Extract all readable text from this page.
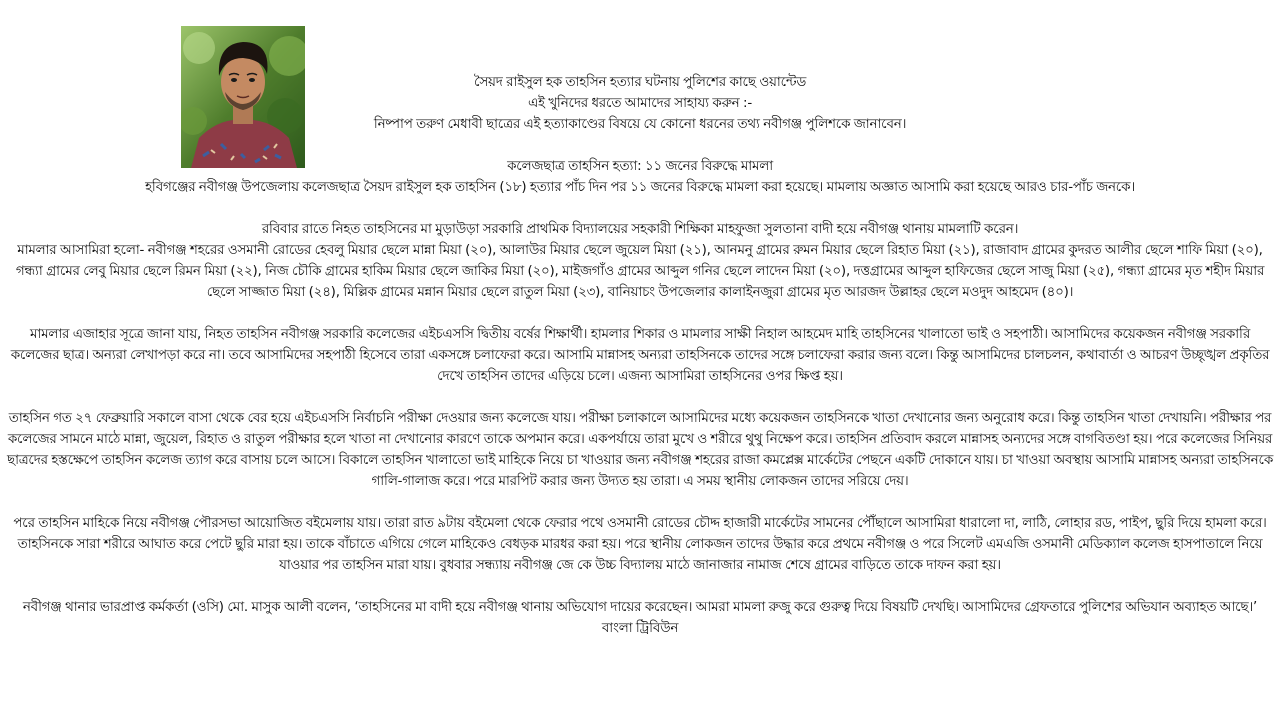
সৈয়দ রাইসুল হক তাহসিন হত্যার ঘটনায় পুলিশের কাছে ওয়ান্টেড

এই খুনিদের ধরতে আমাদের সাহায্য করুন :-

নিষ্পাপ তরুণ মেধাবী ছাত্রের এই হত্যাকাণ্ডের বিষয়ে যে কোনো ধরনের তথ্য নবীগঞ্জ পুলিশকে জানাবেন।

কলেজছাত্র তাহসিন হত্যা: ১১ জনের বিরুদ্ধে মামলা

হবিগঞ্জের নবীগঞ্জ উপজেলায় কলেজছাত্র সৈয়দ রাইসুল হক তাহসিন (১৮) হত্যার পাঁচ দিন পর ১১ জনের বিরুদ্ধে মামলা করা হয়েছে। মামলায় অজ্ঞাত আসামি করা হয়েছে আরও চার-পাঁচ জনকে।

রবিবার রাতে নিহত তাহসিনের মা মুড়াউড়া সরকারি প্রাথমিক বিদ্যালয়ের সহকারী শিক্ষিকা মাহফুজা সুলতানা বাদী হয়ে নবীগঞ্জ থানায় মামলাটি করেন।

মামলার আসামিরা হলো- নবীগঞ্জ শহরের ওসমানী রোডের হেবলু মিয়ার ছেলে মান্না মিয়া (২০), আলাউর মিয়ার ছেলে জুয়েল মিয়া (২১), আনমনু গ্রামের রুমন মিয়ার ছেলে রিহাত মিয়া (২১), রাজাবাদ গ্রামের কুদরত আলীর ছেলে শাফি মিয়া (২০), গন্ধ্যা গ্রামের লেবু মিয়ার ছেলে রিমন মিয়া (২২), নিজ চৌকি গ্রামের হাকিম মিয়ার ছেলে জাকির মিয়া (২০), মাইজগাঁও গ্রামের আব্দুল গনির ছেলে লাদেন মিয়া (২০), দত্তগ্রামের আব্দুল হাফিজের ছেলে সাজু মিয়া (২৫), গন্ধ্যা গ্রামের মৃত শহীদ মিয়ার ছেলে সাজ্জাত মিয়া (২৪), মিল্লিক গ্রামের মন্নান মিয়ার ছেলে রাতুল মিয়া (২৩), বানিয়াচং উপজেলার কালাইনজুরা গ্রামের মৃত আরজদ উল্লাহর ছেলে মওদুদ আহমেদ (৪০)।

মামলার এজাহার সূত্রে জানা যায়, নিহত তাহসিন নবীগঞ্জ সরকারি কলেজের এইচএসসি দ্বিতীয় বর্ষের শিক্ষার্থী। হামলার শিকার ও মামলার সাক্ষী নিহাল আহমেদ মাহি তাহসিনের খালাতো ভাই ও সহপাঠী। আসামিদের কয়েকজন নবীগঞ্জ সরকারি কলেজের ছাত্র। অন্যরা লেখাপড়া করে না। তবে আসামিদের সহপাঠী হিসেবে তারা একসঙ্গে চলাফেরা করে। আসামি মান্নাসহ অন্যরা তাহসিনকে তাদের সঙ্গে চলাফেরা করার জন্য বলে। কিন্তু আসামিদের চালচলন, কথাবার্তা ও আচরণ উচ্ছৃঙ্খল প্রকৃতির দেখে তাহসিন তাদের এড়িয়ে চলে। এজন্য আসামিরা তাহসিনের ওপর ক্ষিপ্ত হয়।

তাহসিন গত ২৭ ফেব্রুয়ারি সকালে বাসা থেকে বের হয়ে এইচএসসি নির্বাচনি পরীক্ষা দেওয়ার জন্য কলেজে যায়। পরীক্ষা চলাকালে আসামিদের মধ্যে কয়েকজন তাহসিনকে খাতা দেখানোর জন্য অনুরোধ করে। কিন্তু তাহসিন খাতা দেখায়নি। পরীক্ষার পর কলেজের সামনে মাঠে মান্না, জুয়েল, রিহাত ও রাতুল পরীক্ষার হলে খাতা না দেখানোর কারণে তাকে অপমান করে। একপর্যায়ে তারা মুখে ও শরীরে থুথু নিক্ষেপ করে। তাহসিন প্রতিবাদ করলে মান্নাসহ অন্যদের সঙ্গে বাগবিতণ্ডা হয়। পরে কলেজের সিনিয়র ছাত্রদের হস্তক্ষেপে তাহসিন কলেজ ত্যাগ করে বাসায় চলে আসে। বিকালে তাহসিন খালাতো ভাই মাহিকে নিয়ে চা খাওয়ার জন্য নবীগঞ্জ শহরের রাজা কমপ্লেক্স মার্কেটের পেছনে একটি দোকানে যায়। চা খাওয়া অবস্থায় আসামি মান্নাসহ অন্যরা তাহসিনকে গালি-গালাজ করে। পরে মারপিট করার জন্য উদ্যত হয় তারা। এ সময় স্থানীয় লোকজন তাদের সরিয়ে দেয়।

পরে তাহসিন মাহিকে নিয়ে নবীগঞ্জ পৌরসভা আয়োজিত বইমেলায় যায়। তারা রাত ৯টায় বইমেলা থেকে ফেরার পথে ওসমানী রোডের চৌদ্দ হাজারী মার্কেটের সামনের পৌঁছালে আসামিরা ধারালো দা, লাঠি, লোহার রড, পাইপ, ছুরি দিয়ে হামলা করে। তাহসিনকে সারা শরীরে আঘাত করে পেটে ছুরি মারা হয়। তাকে বাঁচাতে এগিয়ে গেলে মাহিকেও বেধড়ক মারধর করা হয়। পরে স্থানীয় লোকজন তাদের উদ্ধার করে প্রথমে নবীগঞ্জ ও পরে সিলেট এমএজি ওসমানী মেডিক্যাল কলেজ হাসপাতালে নিয়ে যাওয়ার পর তাহসিন মারা যায়। বুধবার সন্ধ্যায় নবীগঞ্জ জে কে উচ্চ বিদ্যালয় মাঠে জানাজার নামাজ শেষে গ্রামের বাড়িতে তাকে দাফন করা হয়।

নবীগঞ্জ থানার ভারপ্রাপ্ত কর্মকর্তা (ওসি) মো. মাসুক আলী বলেন, ‘তাহসিনের মা বাদী হয়ে নবীগঞ্জ থানায় অভিযোগ দায়ের করেছেন। আমরা মামলা রুজু করে গুরুত্ব দিয়ে বিষয়টি দেখছি। আসামিদের গ্রেফতারে পুলিশের অভিযান অব্যাহত আছে।’

বাংলা ট্রিবিউন
